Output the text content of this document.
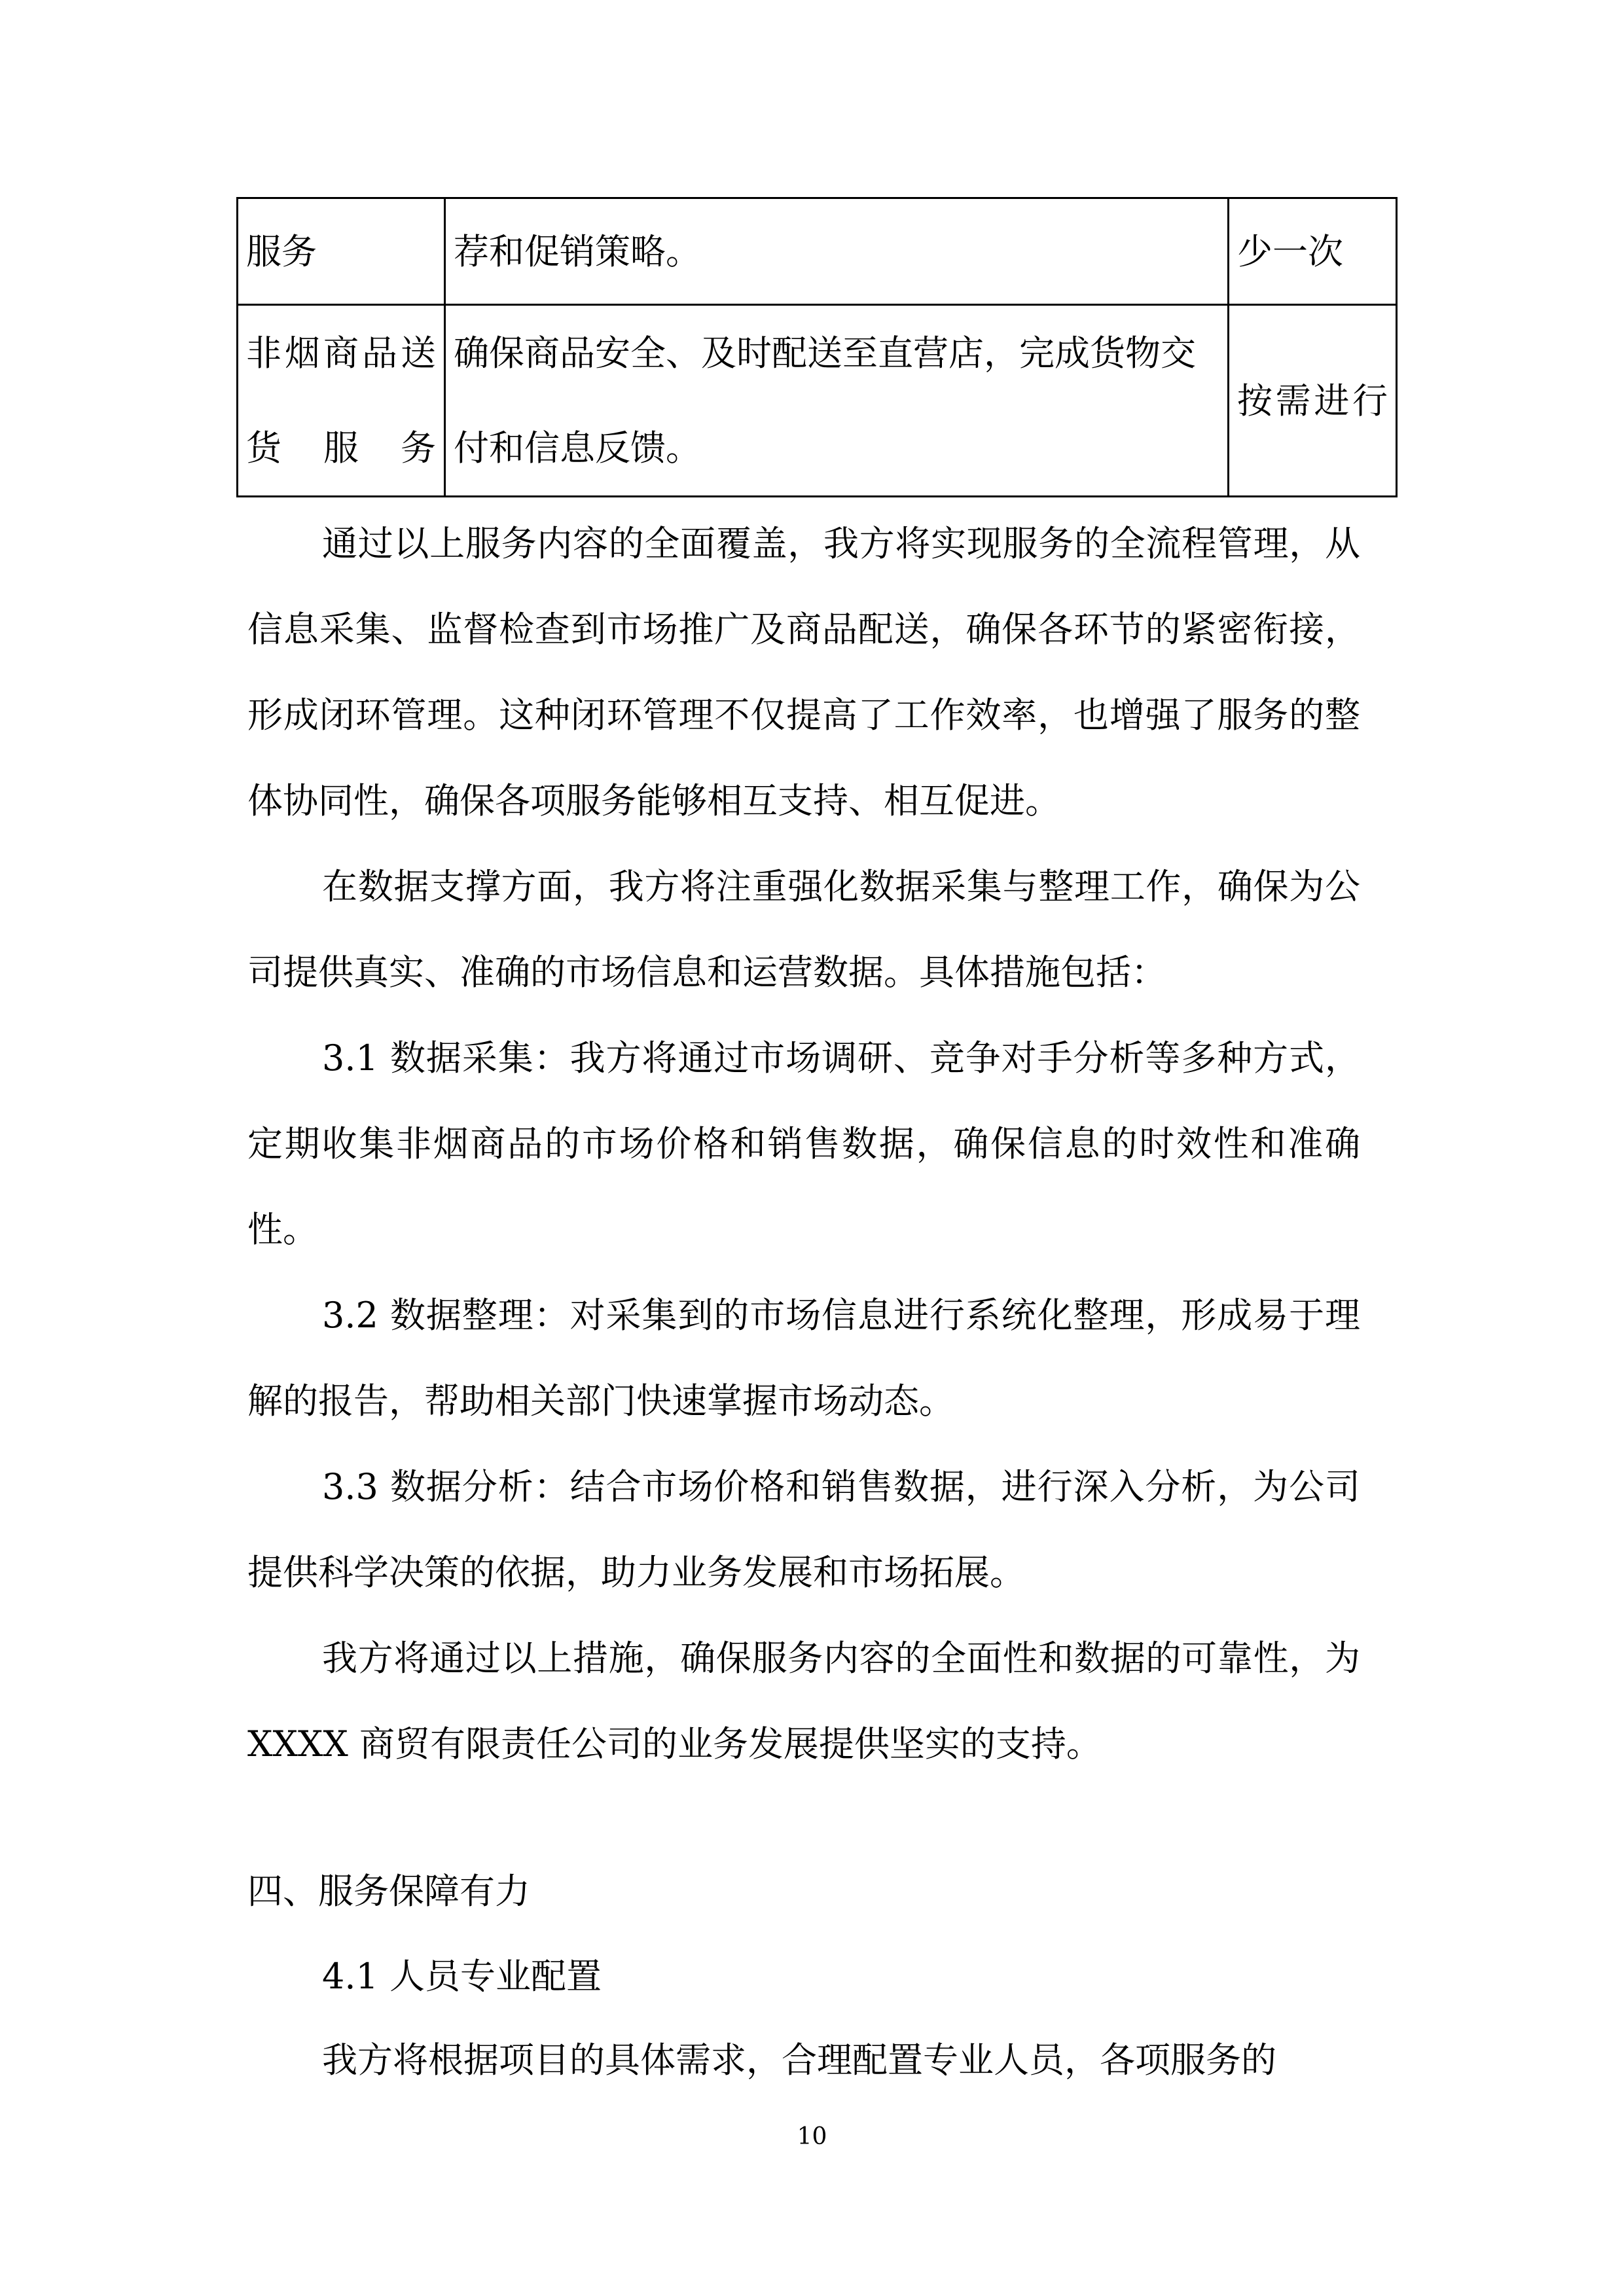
服务	荐和促销策略。	少一次
非烟商品送货服务	确保商品安全、及时配送至直营店，完成货物交付和信息反馈。	按需进行

通过以上服务内容的全面覆盖，我方将实现服务的全流程管理，从信息采集、监督检查到市场推广及商品配送，确保各环节的紧密衔接，形成闭环管理。这种闭环管理不仅提高了工作效率，也增强了服务的整体协同性，确保各项服务能够相互支持、相互促进。

在数据支撑方面，我方将注重强化数据采集与整理工作，确保为公司提供真实、准确的市场信息和运营数据。具体措施包括：

3.1 数据采集：我方将通过市场调研、竞争对手分析等多种方式，定期收集非烟商品的市场价格和销售数据，确保信息的时效性和准确性。

3.2 数据整理：对采集到的市场信息进行系统化整理，形成易于理解的报告，帮助相关部门快速掌握市场动态。

3.3 数据分析：结合市场价格和销售数据，进行深入分析，为公司提供科学决策的依据，助力业务发展和市场拓展。

我方将通过以上措施，确保服务内容的全面性和数据的可靠性，为 XXXX 商贸有限责任公司的业务发展提供坚实的支持。

四、服务保障有力
4.1 人员专业配置

我方将根据项目的具体需求，合理配置专业人员，各项服务的

10
